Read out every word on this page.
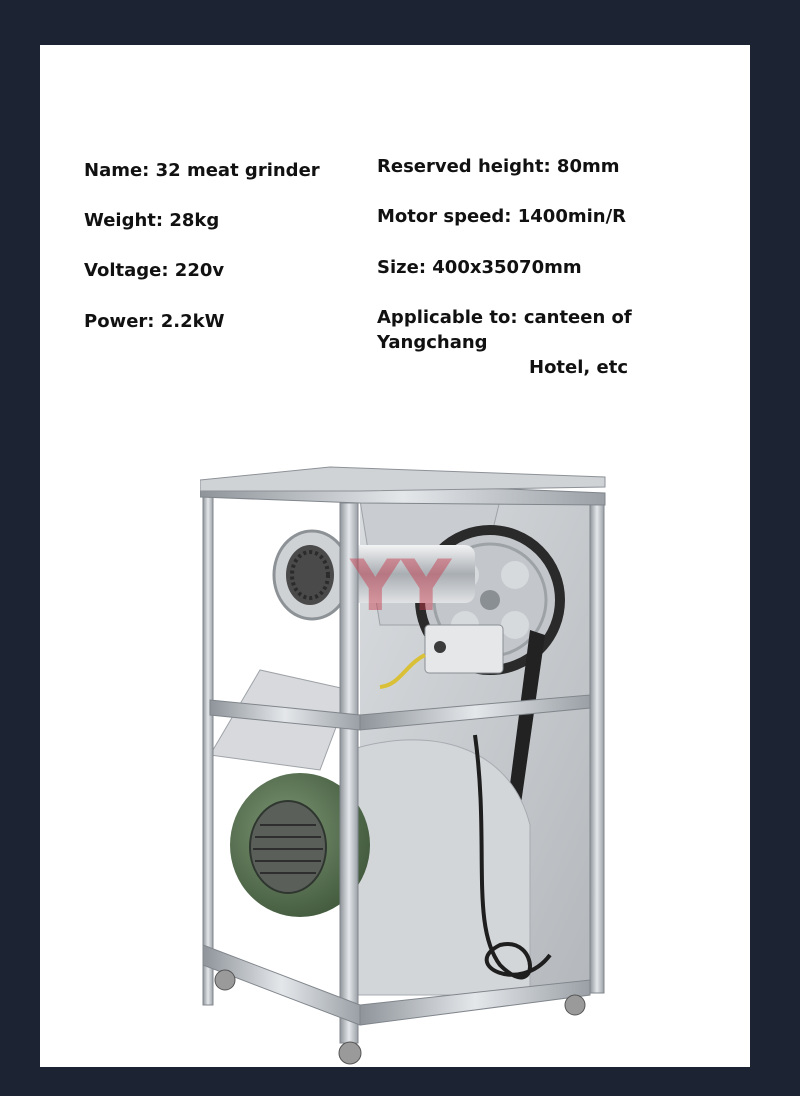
Name: 32 meat grinder
Weight: 28kg
Voltage: 220v
Power: 2.2kW
Reserved height: 80mm
Motor speed: 1400min/R
Size: 400x35070mm
Applicable to: canteen of Yangchang
Hotel, etc
YY
